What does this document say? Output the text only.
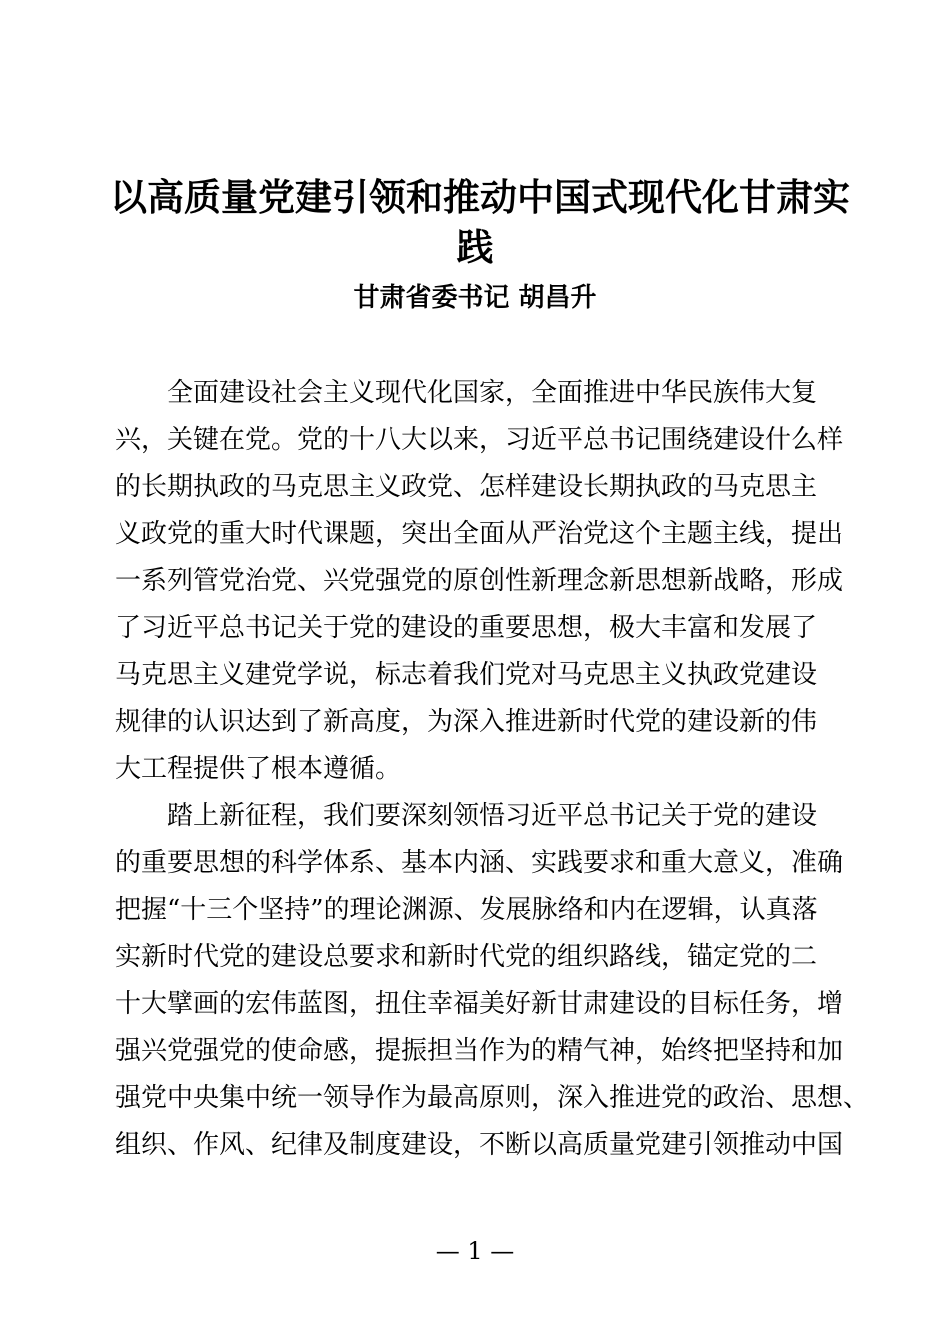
以高质量党建引领和推动中国式现代化甘肃实
践
甘肃省委书记 胡昌升
全面建设社会主义现代化国家，全面推进中华民族伟大复
兴，关键在党。党的十八大以来，习近平总书记围绕建设什么样
的长期执政的马克思主义政党、怎样建设长期执政的马克思主
义政党的重大时代课题，突出全面从严治党这个主题主线，提出
一系列管党治党、兴党强党的原创性新理念新思想新战略，形成
了习近平总书记关于党的建设的重要思想，极大丰富和发展了
马克思主义建党学说，标志着我们党对马克思主义执政党建设
规律的认识达到了新高度，为深入推进新时代党的建设新的伟
大工程提供了根本遵循。
踏上新征程，我们要深刻领悟习近平总书记关于党的建设
的重要思想的科学体系、基本内涵、实践要求和重大意义，准确
把握“十三个坚持”的理论渊源、发展脉络和内在逻辑，认真落
实新时代党的建设总要求和新时代党的组织路线，锚定党的二
十大擘画的宏伟蓝图，扭住幸福美好新甘肃建设的目标任务，增
强兴党强党的使命感，提振担当作为的精气神，始终把坚持和加
强党中央集中统一领导作为最高原则，深入推进党的政治、思想、
组织、作风、纪律及制度建设，不断以高质量党建引领推动中国
— 1 —
